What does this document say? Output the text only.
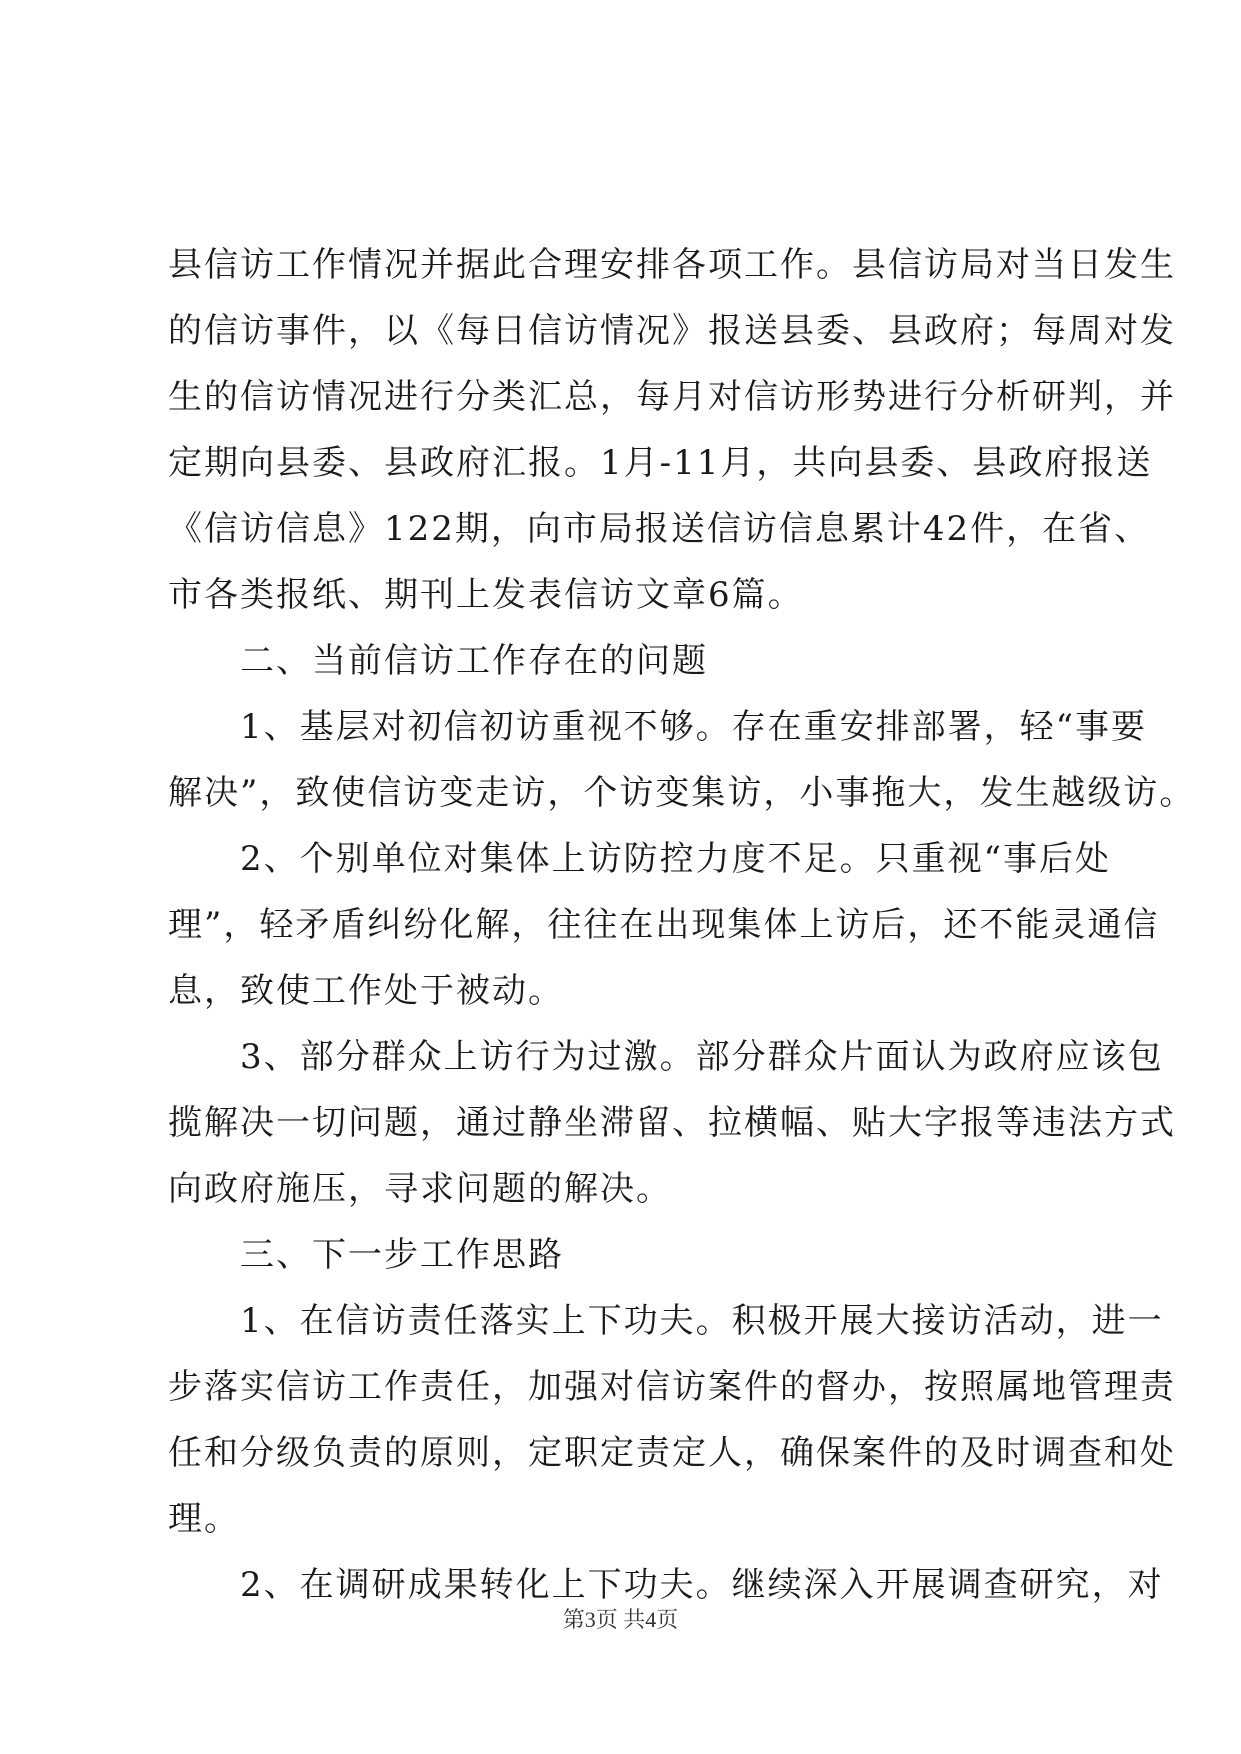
县信访工作情况并据此合理安排各项工作。县信访局对当日发生
的信访事件，以《每日信访情况》报送县委、县政府；每周对发
生的信访情况进行分类汇总，每月对信访形势进行分析研判，并
定期向县委、县政府汇报。1月-11月，共向县委、县政府报送
《信访信息》122期，向市局报送信访信息累计42件，在省、
市各类报纸、期刊上发表信访文章6篇。
　　二、当前信访工作存在的问题
　　1、基层对初信初访重视不够。存在重安排部署，轻“事要
解决”，致使信访变走访，个访变集访，小事拖大，发生越级访。
　　2、个别单位对集体上访防控力度不足。只重视“事后处
理”，轻矛盾纠纷化解，往往在出现集体上访后，还不能灵通信
息，致使工作处于被动。
　　3、部分群众上访行为过激。部分群众片面认为政府应该包
揽解决一切问题，通过静坐滞留、拉横幅、贴大字报等违法方式
向政府施压，寻求问题的解决。
　　三、下一步工作思路
　　1、在信访责任落实上下功夫。积极开展大接访活动，进一
步落实信访工作责任，加强对信访案件的督办，按照属地管理责
任和分级负责的原则，定职定责定人，确保案件的及时调查和处
理。
　　2、在调研成果转化上下功夫。继续深入开展调查研究，对
第3页 共4页
